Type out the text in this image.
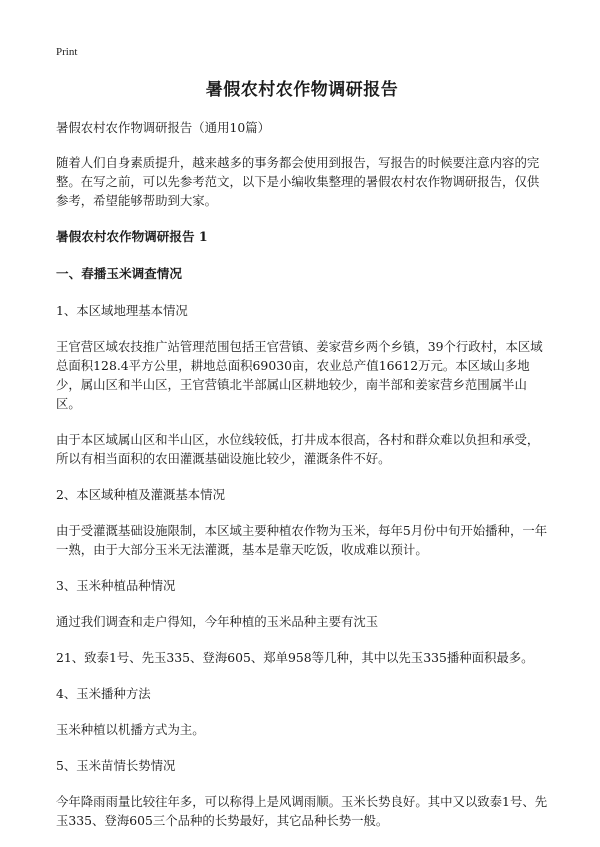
Print
暑假农村农作物调研报告

暑假农村农作物调研报告（通用10篇）

随着人们自身素质提升，越来越多的事务都会使用到报告，写报告的时候要注意内容的完整。在写之前，可以先参考范文，以下是小编收集整理的暑假农村农作物调研报告，仅供参考，希望能够帮助到大家。

暑假农村农作物调研报告 1

一、春播玉米调查情况

1、本区域地理基本情况

王官营区域农技推广站管理范围包括王官营镇、姜家营乡两个乡镇，39个行政村，本区域总面积128.4平方公里，耕地总面积69030亩，农业总产值16612万元。本区域山多地少，属山区和半山区，王官营镇北半部属山区耕地较少，南半部和姜家营乡范围属半山区。

由于本区域属山区和半山区，水位线较低，打井成本很高，各村和群众难以负担和承受，所以有相当面积的农田灌溉基础设施比较少，灌溉条件不好。

2、本区域种植及灌溉基本情况

由于受灌溉基础设施限制，本区域主要种植农作物为玉米，每年5月份中旬开始播种，一年一熟，由于大部分玉米无法灌溉，基本是靠天吃饭，收成难以预计。

3、玉米种植品种情况

通过我们调查和走户得知，今年种植的玉米品种主要有沈玉

21、致泰1号、先玉335、登海605、郑单958等几种，其中以先玉335播种面积最多。

4、玉米播种方法

玉米种植以机播方式为主。

5、玉米苗情长势情况

今年降雨雨量比较往年多，可以称得上是风调雨顺。玉米长势良好。其中又以致泰1号、先玉335、登海605三个品种的长势最好，其它品种长势一般。
